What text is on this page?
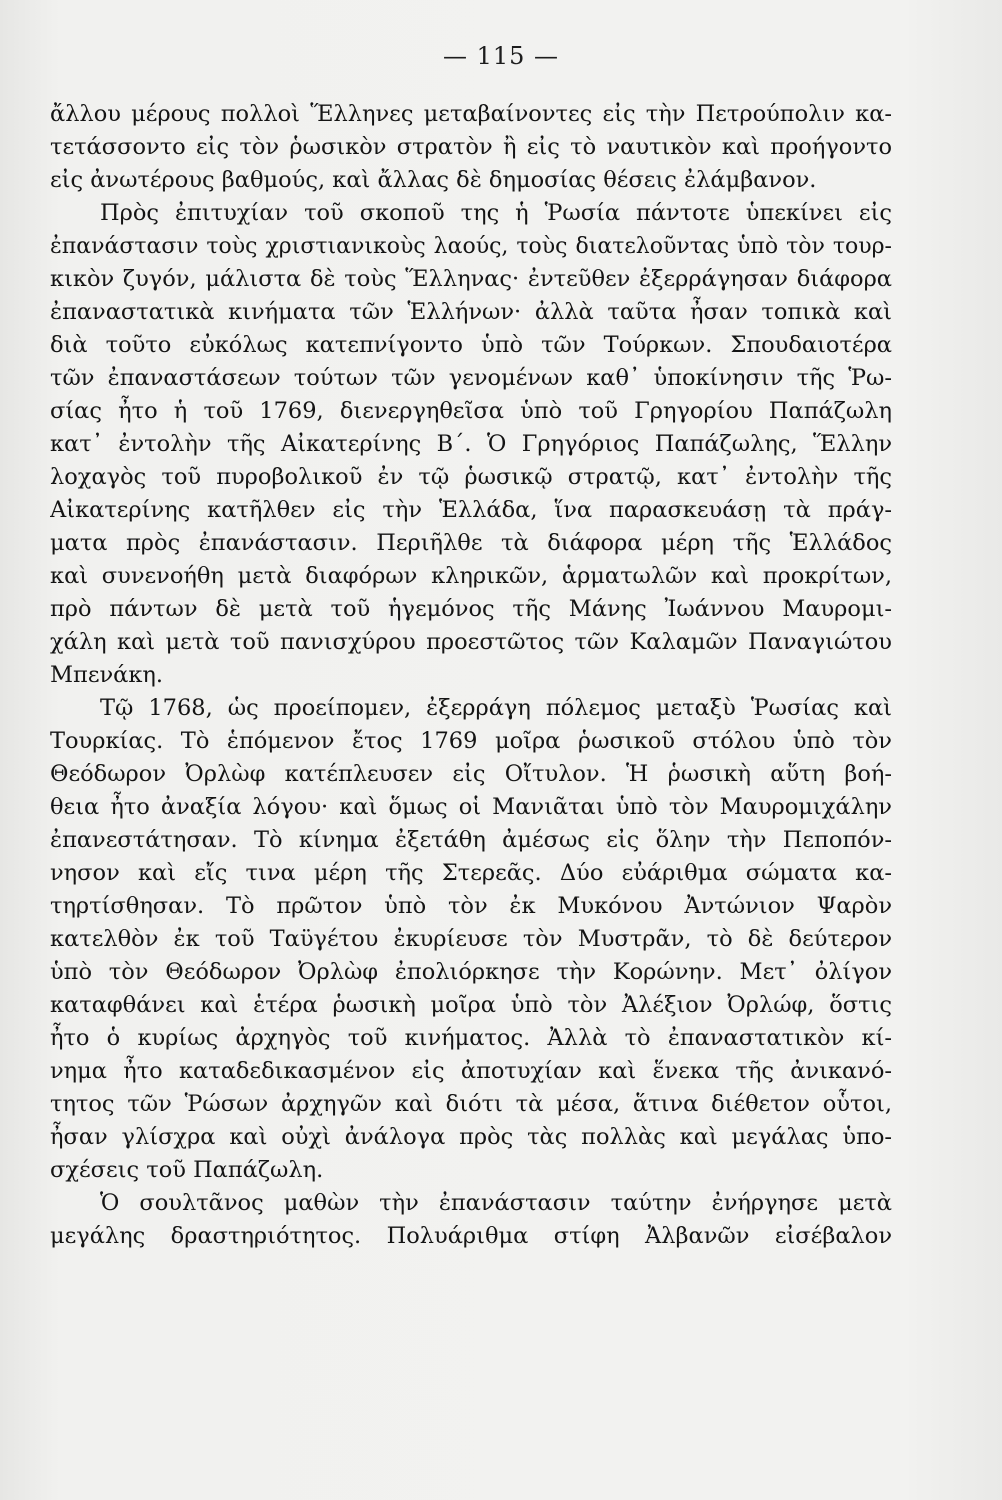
— 115 —
ἄλλου μέρους πολλοὶ Ἕλληνες μεταβαίνοντες εἰς τὴν Πετρούπολιν κα-
τετάσσοντο εἰς τὸν ῥωσικὸν στρατὸν ἢ εἰς τὸ ναυτικὸν καὶ προήγοντο
εἰς ἀνωτέρους βαθμούς, καὶ ἄλλας δὲ δημοσίας θέσεις ἐλάμβανον.
Πρὸς ἐπιτυχίαν τοῦ σκοποῦ της ἡ Ῥωσία πάντοτε ὑπεκίνει εἰς
ἐπανάστασιν τοὺς χριστιανικοὺς λαούς, τοὺς διατελοῦντας ὑπὸ τὸν τουρ-
κικὸν ζυγόν, μάλιστα δὲ τοὺς Ἕλληνας· ἐντεῦθεν ἐξερράγησαν διάφορα
ἐπαναστατικὰ κινήματα τῶν Ἑλλήνων· ἀλλὰ ταῦτα ἦσαν τοπικὰ καὶ
διὰ τοῦτο εὐκόλως κατεπνίγοντο ὑπὸ τῶν Τούρκων. Σπουδαιοτέρα
τῶν ἐπαναστάσεων τούτων τῶν γενομένων καθ᾽ ὑποκίνησιν τῆς Ῥω-
σίας ἦτο ἡ τοῦ 1769, διενεργηθεῖσα ὑπὸ τοῦ Γρηγορίου Παπάζωλη
κατ᾽ ἐντολὴν τῆς Αἰκατερίνης Β΄. Ὁ Γρηγόριος Παπάζωλης, Ἕλλην
λοχαγὸς τοῦ πυροβολικοῦ ἐν τῷ ῥωσικῷ στρατῷ, κατ᾽ ἐντολὴν τῆς
Αἰκατερίνης κατῆλθεν εἰς τὴν Ἑλλάδα, ἵνα παρασκευάσῃ τὰ πράγ-
ματα πρὸς ἐπανάστασιν. Περιῆλθε τὰ διάφορα μέρη τῆς Ἑλλάδος
καὶ συνενοήθη μετὰ διαφόρων κληρικῶν, ἁρματωλῶν καὶ προκρίτων,
πρὸ πάντων δὲ μετὰ τοῦ ἡγεμόνος τῆς Μάνης Ἰωάννου Μαυρομι-
χάλη καὶ μετὰ τοῦ πανισχύρου προεστῶτος τῶν Καλαμῶν Παναγιώτου
Μπενάκη.
Τῷ 1768, ὡς προείπομεν, ἐξερράγη πόλεμος μεταξὺ Ῥωσίας καὶ
Τουρκίας. Τὸ ἑπόμενον ἔτος 1769 μοῖρα ῥωσικοῦ στόλου ὑπὸ τὸν
Θεόδωρον Ὀρλὼφ κατέπλευσεν εἰς Οἴτυλον. Ἡ ῥωσικὴ αὕτη βοή-
θεια ἦτο ἀναξία λόγου· καὶ ὅμως οἱ Μανιᾶται ὑπὸ τὸν Μαυρομιχάλην
ἐπανεστάτησαν. Τὸ κίνημα ἐξετάθη ἀμέσως εἰς ὅλην τὴν Πεποπόν-
νησον καὶ εἴς τινα μέρη τῆς Στερεᾶς. Δύο εὐάριθμα σώματα κα-
τηρτίσθησαν. Τὸ πρῶτον ὑπὸ τὸν ἐκ Μυκόνου Ἀντώνιον Ψαρὸν
κατελθὸν ἐκ τοῦ Ταϋγέτου ἐκυρίευσε τὸν Μυστρᾶν, τὸ δὲ δεύτερον
ὑπὸ τὸν Θεόδωρον Ὀρλὼφ ἐπολιόρκησε τὴν Κορώνην. Μετ᾽ ὀλίγον
καταφθάνει καὶ ἑτέρα ῥωσικὴ μοῖρα ὑπὸ τὸν Ἀλέξιον Ὀρλώφ, ὅστις
ἦτο ὁ κυρίως ἀρχηγὸς τοῦ κινήματος. Ἀλλὰ τὸ ἐπαναστατικὸν κί-
νημα ἦτο καταδεδικασμένον εἰς ἀποτυχίαν καὶ ἕνεκα τῆς ἀνικανό-
τητος τῶν Ῥώσων ἀρχηγῶν καὶ διότι τὰ μέσα, ἅτινα διέθετον οὗτοι,
ἦσαν γλίσχρα καὶ οὐχὶ ἀνάλογα πρὸς τὰς πολλὰς καὶ μεγάλας ὑπο-
σχέσεις τοῦ Παπάζωλη.
Ὁ σουλτᾶνος μαθὼν τὴν ἐπανάστασιν ταύτην ἐνήργησε μετὰ
μεγάλης δραστηριότητος. Πολυάριθμα στίφη Ἀλβανῶν εἰσέβαλον
